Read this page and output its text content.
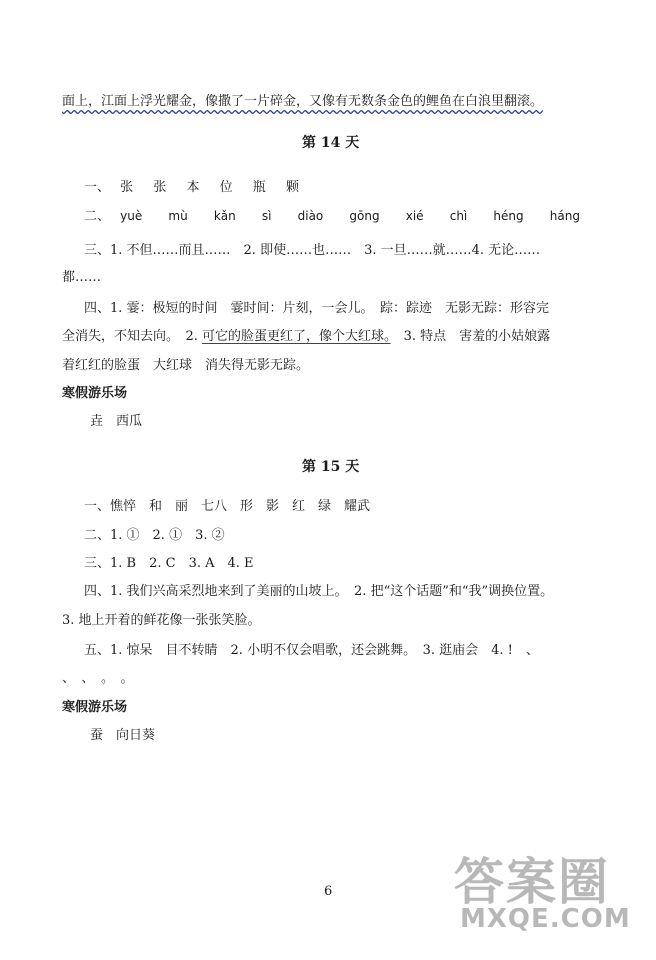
面上，江面上浮光耀金，像撒了一片碎金，又像有无数条金色的鲤鱼在白浪里翻滚。
第 14 天
一、 张 张 本 位 瓶 颗
二、 yuè mù kǎn sì diào gōng xié chì héng háng
三、1. 不但……而且……　2. 即使……也……　3. 一旦……就……4. 无论……
都……
四、1. 霎：极短的时间　霎时间：片刻，一会儿。　踪：踪迹　无影无踪：形容完
全消失，不知去向。　2. 可它的脸蛋更红了，像个大红球。　3. 特点　害羞的小姑娘露
着红红的脸蛋　大红球　消失得无影无踪。
寒假游乐场
垚　西瓜
第 15 天
一、憔悴　和　丽　七八　形　影　红　绿　耀武
二、1. ①　2. ①　3. ②
三、1. B　2. C　3. A　4. E
四、1. 我们兴高采烈地来到了美丽的山坡上。　2. 把“这个话题”和“我”调换位置。
3. 地上开着的鲜花像一张张笑脸。
五、1. 惊呆　目不转睛　2. 小明不仅会唱歌，还会跳舞。　3. 逛庙会　4. !　、
、　、　。　。
寒假游乐场
蚕　向日葵
6 答案圈
MXQE.COM
